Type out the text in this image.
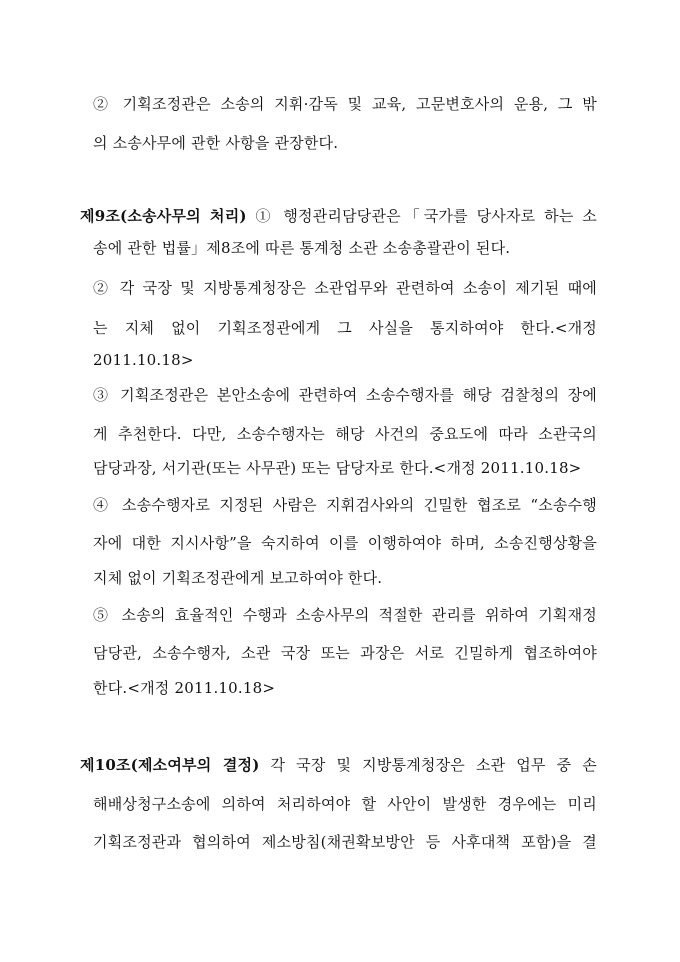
② 기획조정관은 소송의 지휘·감독 및 교육, 고문변호사의 운용, 그 밖
의 소송사무에 관한 사항을 관장한다.
제9조(소송사무의 처리) ① 행정관리담당관은「국가를 당사자로 하는 소
송에 관한 법률」제8조에 따른 통계청 소관 소송총괄관이 된다.
② 각 국장 및 지방통계청장은 소관업무와 관련하여 소송이 제기된 때에
는 지체 없이 기획조정관에게 그 사실을 통지하여야 한다.<개정
2011.10.18>
③ 기획조정관은 본안소송에 관련하여 소송수행자를 해당 검찰청의 장에
게 추천한다. 다만, 소송수행자는 해당 사건의 중요도에 따라 소관국의
담당과장, 서기관(또는 사무관) 또는 담당자로 한다.<개정 2011.10.18>
④ 소송수행자로 지정된 사람은 지휘검사와의 긴밀한 협조로 “소송수행
자에 대한 지시사항”을 숙지하여 이를 이행하여야 하며, 소송진행상황을
지체 없이 기획조정관에게 보고하여야 한다.
⑤ 소송의 효율적인 수행과 소송사무의 적절한 관리를 위하여 기획재정
담당관, 소송수행자, 소관 국장 또는 과장은 서로 긴밀하게 협조하여야
한다.<개정 2011.10.18>
제10조(제소여부의 결정) 각 국장 및 지방통계청장은 소관 업무 중 손
해배상청구소송에 의하여 처리하여야 할 사안이 발생한 경우에는 미리
기획조정관과 협의하여 제소방침(채권확보방안 등 사후대책 포함)을 결
